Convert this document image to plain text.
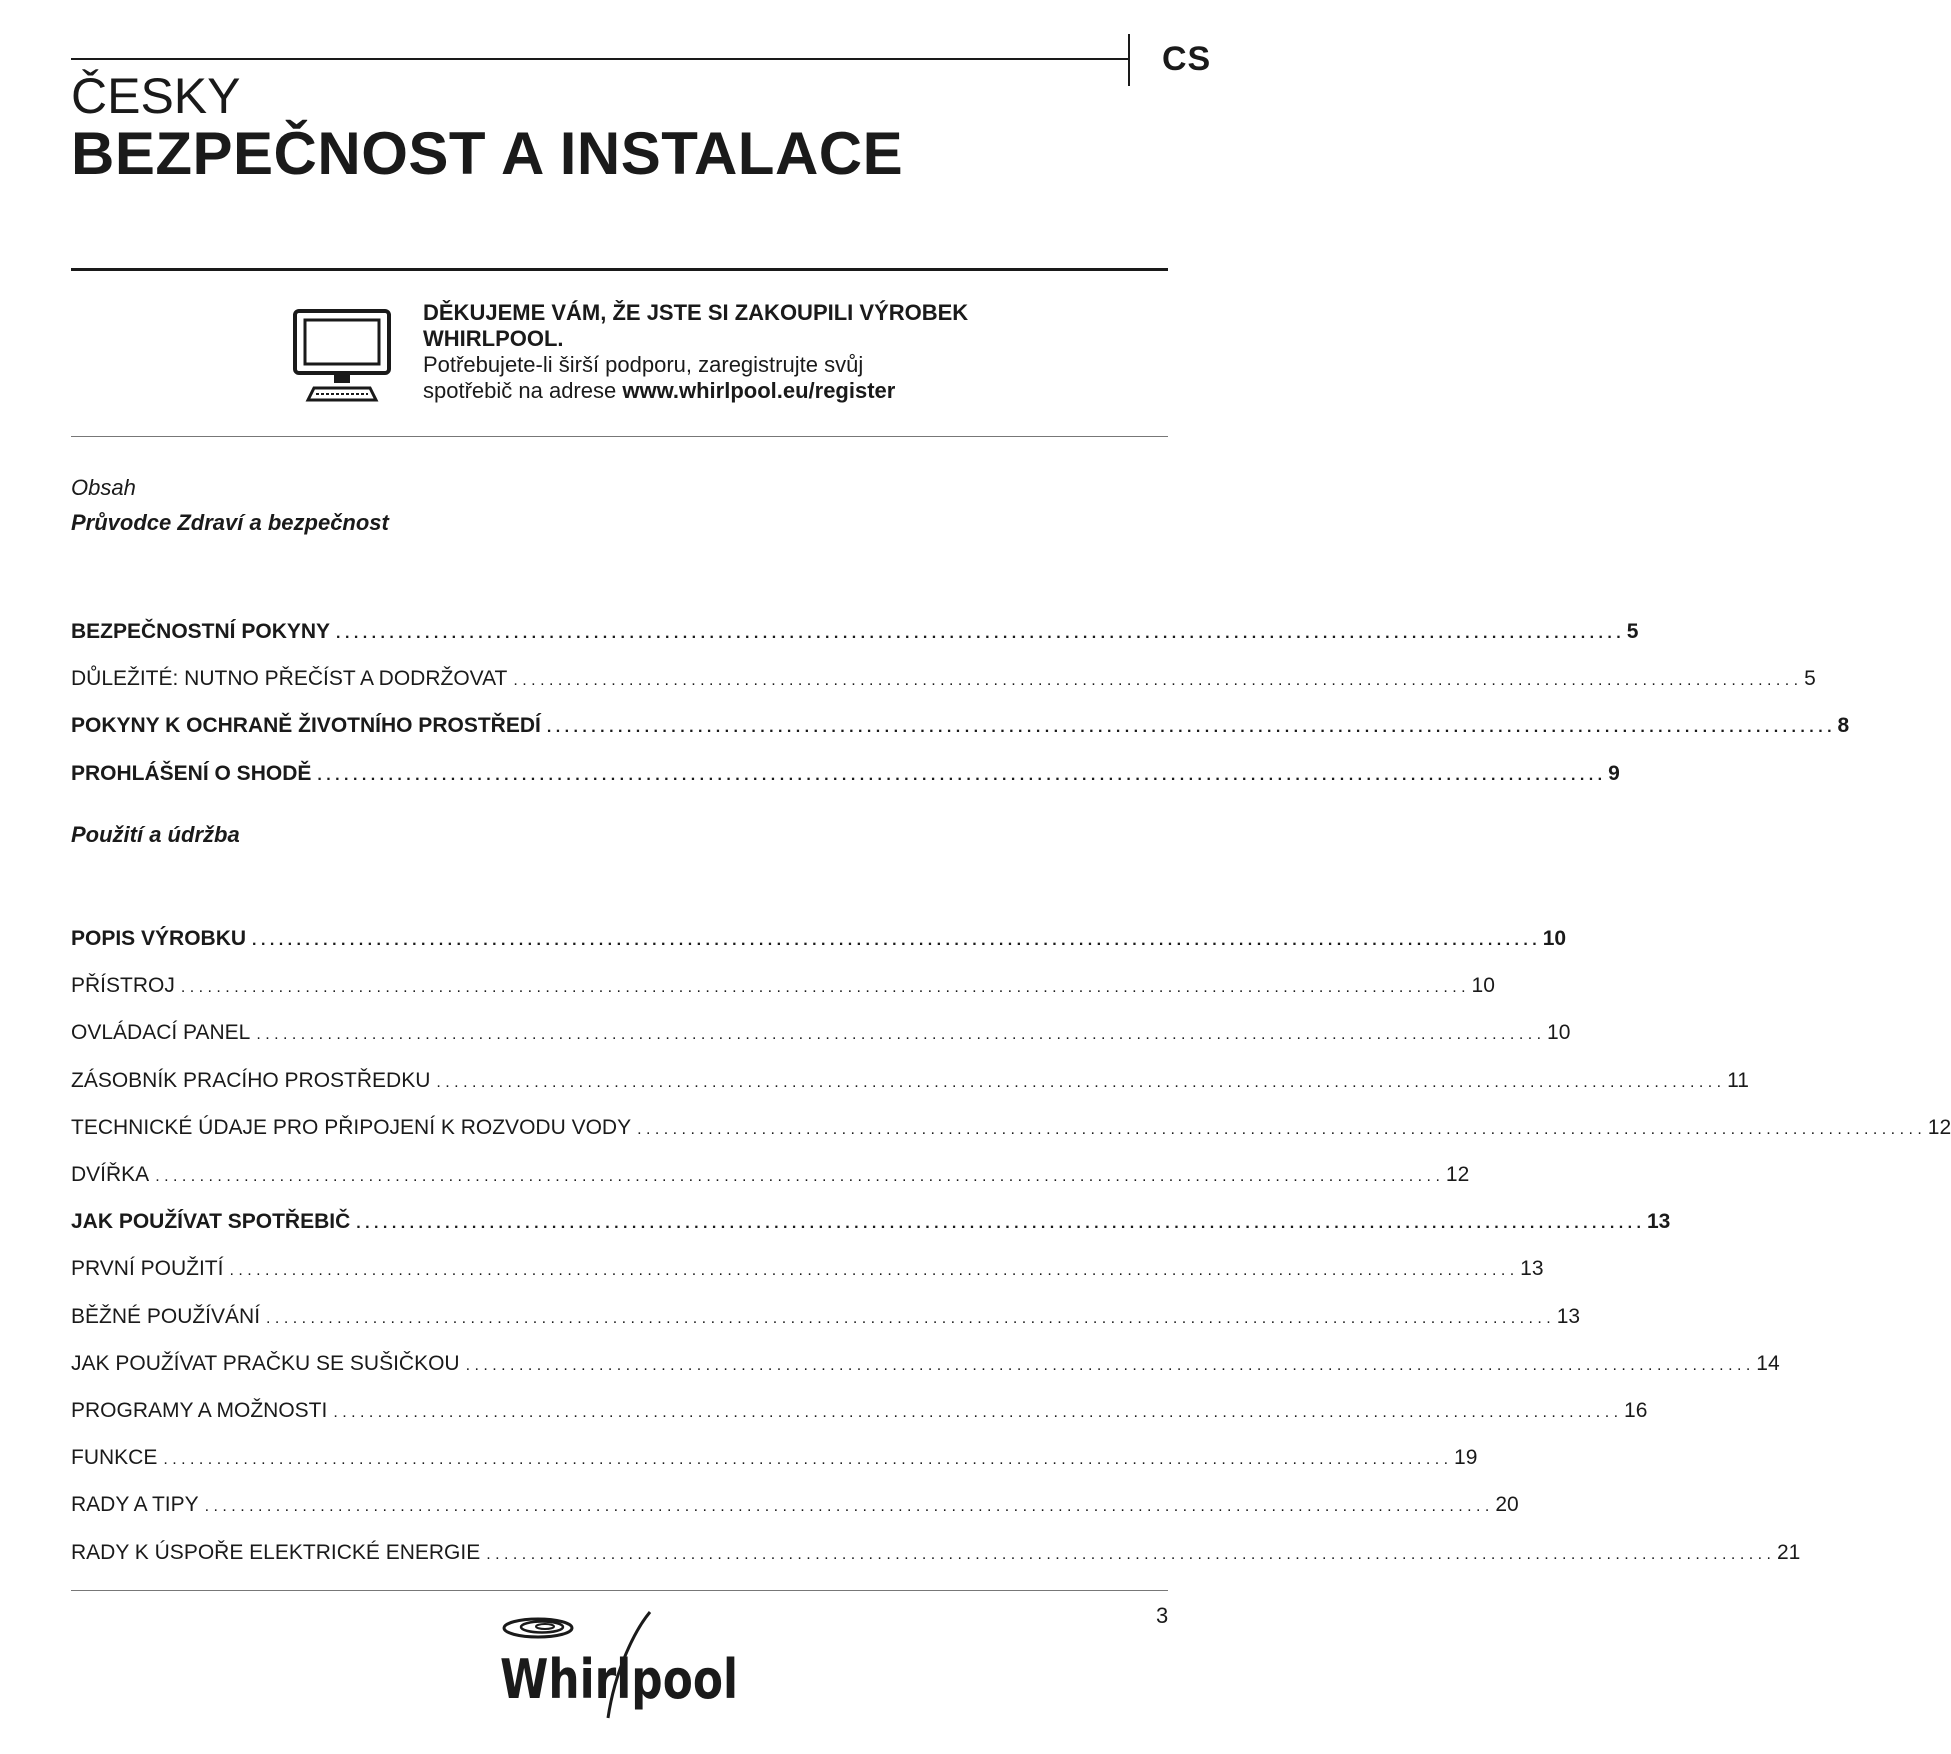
CS
ČESKY
BEZPEČNOST A INSTALACE
DĚKUJEME VÁM, ŽE JSTE SI ZAKOUPILI VÝROBEK
WHIRLPOOL.
Potřebujete-li širší podporu, zaregistrujte svůj
spotřebič na adrese www.whirlpool.eu/register
Obsah
Průvodce Zdraví a bezpečnost
BEZPEČNOSTNÍ POKYNY . . .	5
DŮLEŽITÉ: NUTNO PŘEČÍST A DODRŽOVAT . . .	5
POKYNY K OCHRANĚ ŽIVOTNÍHO PROSTŘEDÍ . . .	8
PROHLÁŠENÍ O SHODĚ . . .	9
Použití a údržba
POPIS VÝROBKU . . .	10
PŘÍSTROJ . . .	10
OVLÁDACÍ PANEL . . .	10
ZÁSOBNÍK PRACÍHO PROSTŘEDKU . . .	11
TECHNICKÉ ÚDAJE PRO PŘIPOJENÍ K ROZVODU VODY . . .	12
DVÍŘKA . . .	12
JAK POUŽÍVAT SPOTŘEBIČ . . .	13
PRVNÍ POUŽITÍ . . .	13
BĚŽNÉ POUŽÍVÁNÍ . . .	13
JAK POUŽÍVAT PRAČKU SE SUŠIČKOU . . .	14
PROGRAMY A MOŽNOSTI . . .	16
FUNKCE . . .	19
RADY A TIPY . . .	20
RADY K ÚSPOŘE ELEKTRICKÉ ENERGIE . . .	21
3
Whirlpool
